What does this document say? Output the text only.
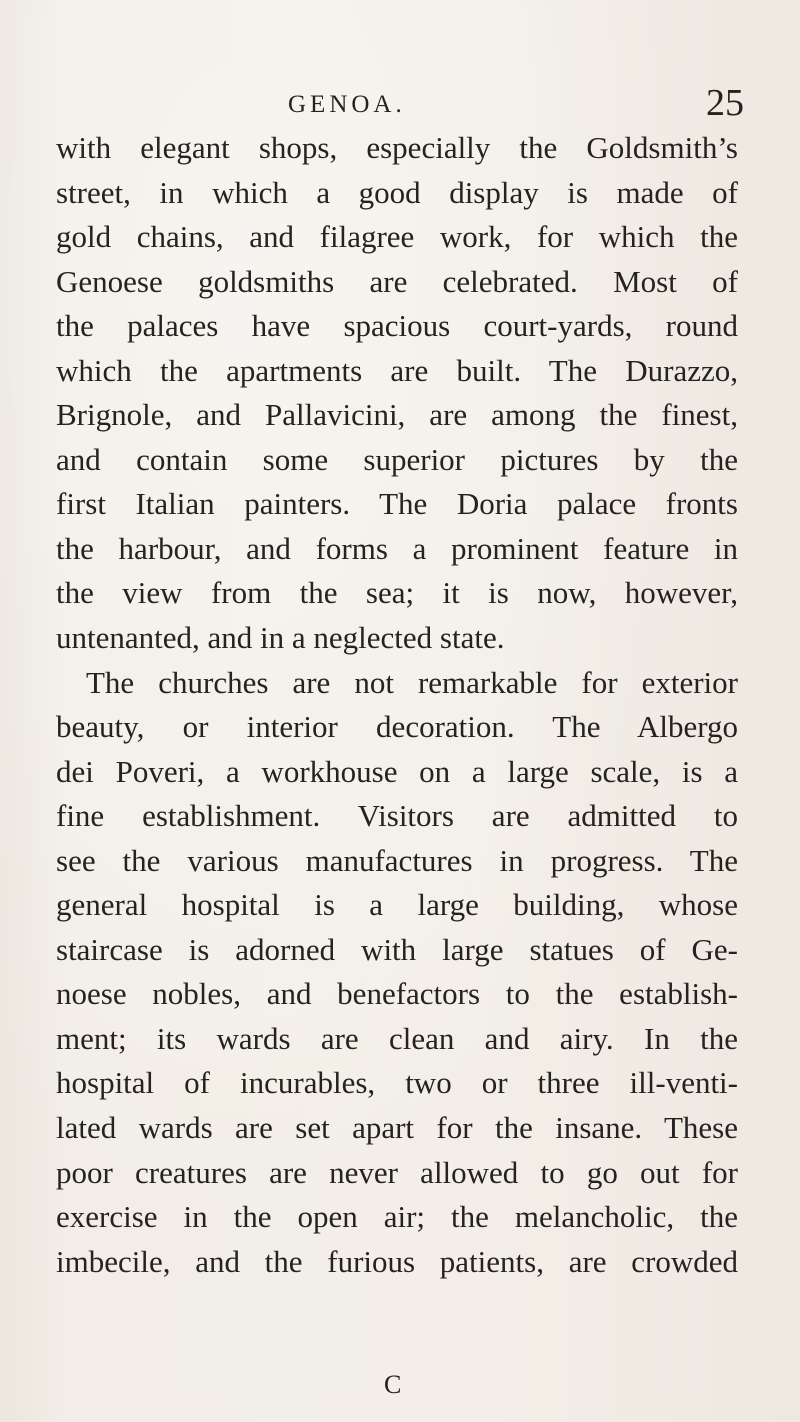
GENOA.	25
with elegant shops, especially the Goldsmith’s
street, in which a good display is made of
gold chains, and filagree work, for which the
Genoese goldsmiths are celebrated. Most of
the palaces have spacious court-yards, round
which the apartments are built. The Durazzo,
Brignole, and Pallavicini, are among the finest,
and contain some superior pictures by the
first Italian painters. The Doria palace fronts
the harbour, and forms a prominent feature in
the view from the sea; it is now, however,
untenanted, and in a neglected state.
The churches are not remarkable for exterior
beauty, or interior decoration. The Albergo
dei Poveri, a workhouse on a large scale, is a
fine establishment. Visitors are admitted to
see the various manufactures in progress. The
general hospital is a large building, whose
staircase is adorned with large statues of Ge-
noese nobles, and benefactors to the establish-
ment; its wards are clean and airy. In the
hospital of incurables, two or three ill-venti-
lated wards are set apart for the insane. These
poor creatures are never allowed to go out for
exercise in the open air; the melancholic, the
imbecile, and the furious patients, are crowded
C
